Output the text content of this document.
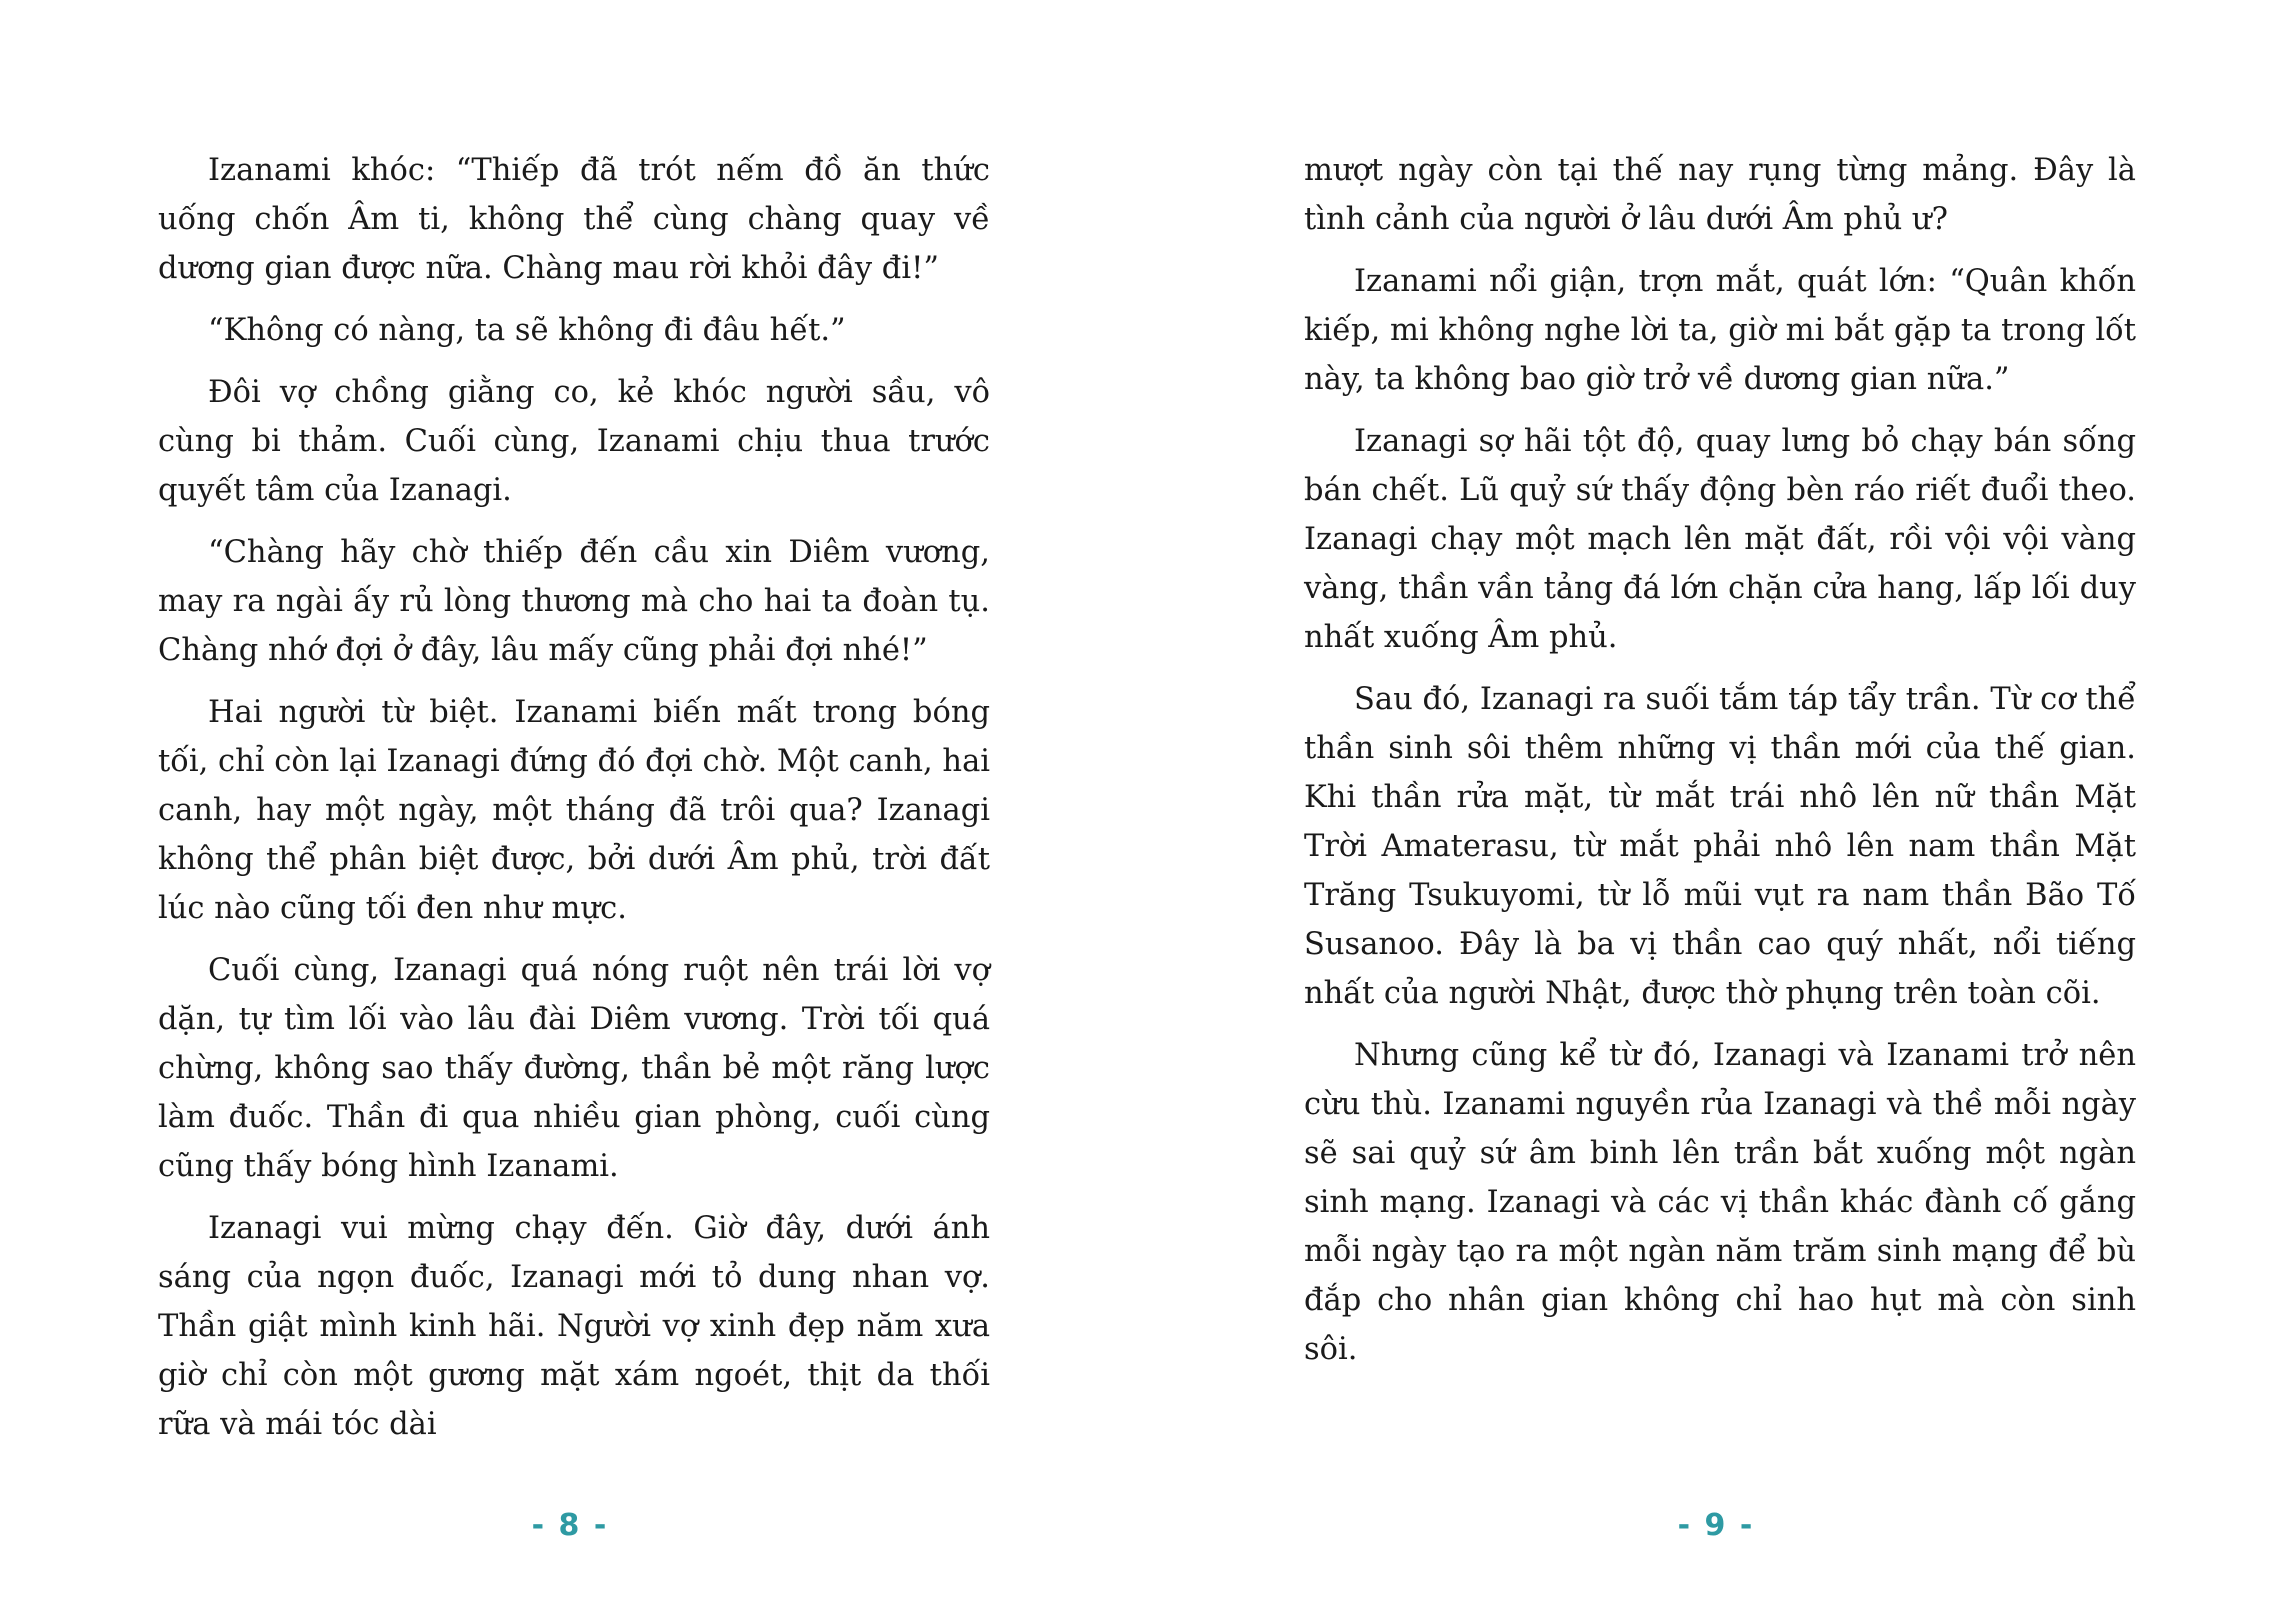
Izanami khóc: “Thiếp đã trót nếm đồ ăn thức uống chốn Âm ti, không thể cùng chàng quay về dương gian được nữa. Chàng mau rời khỏi đây đi!”

“Không có nàng, ta sẽ không đi đâu hết.”

Đôi vợ chồng giằng co, kẻ khóc người sầu, vô cùng bi thảm. Cuối cùng, Izanami chịu thua trước quyết tâm của Izanagi.

“Chàng hãy chờ thiếp đến cầu xin Diêm vương, may ra ngài ấy rủ lòng thương mà cho hai ta đoàn tụ. Chàng nhớ đợi ở đây, lâu mấy cũng phải đợi nhé!”

Hai người từ biệt. Izanami biến mất trong bóng tối, chỉ còn lại Izanagi đứng đó đợi chờ. Một canh, hai canh, hay một ngày, một tháng đã trôi qua? Izanagi không thể phân biệt được, bởi dưới Âm phủ, trời đất lúc nào cũng tối đen như mực.

Cuối cùng, Izanagi quá nóng ruột nên trái lời vợ dặn, tự tìm lối vào lâu đài Diêm vương. Trời tối quá chừng, không sao thấy đường, thần bẻ một răng lược làm đuốc. Thần đi qua nhiều gian phòng, cuối cùng cũng thấy bóng hình Izanami.

Izanagi vui mừng chạy đến. Giờ đây, dưới ánh sáng của ngọn đuốc, Izanagi mới tỏ dung nhan vợ. Thần giật mình kinh hãi. Người vợ xinh đẹp năm xưa giờ chỉ còn một gương mặt xám ngoét, thịt da thối rữa và mái tóc dài

- 8 -

mượt ngày còn tại thế nay rụng từng mảng. Đây là tình cảnh của người ở lâu dưới Âm phủ ư?

Izanami nổi giận, trợn mắt, quát lớn: “Quân khốn kiếp, mi không nghe lời ta, giờ mi bắt gặp ta trong lốt này, ta không bao giờ trở về dương gian nữa.”

Izanagi sợ hãi tột độ, quay lưng bỏ chạy bán sống bán chết. Lũ quỷ sứ thấy động bèn ráo riết đuổi theo. Izanagi chạy một mạch lên mặt đất, rồi vội vội vàng vàng, thần vần tảng đá lớn chặn cửa hang, lấp lối duy nhất xuống Âm phủ.

Sau đó, Izanagi ra suối tắm táp tẩy trần. Từ cơ thể thần sinh sôi thêm những vị thần mới của thế gian. Khi thần rửa mặt, từ mắt trái nhô lên nữ thần Mặt Trời Amaterasu, từ mắt phải nhô lên nam thần Mặt Trăng Tsukuyomi, từ lỗ mũi vụt ra nam thần Bão Tố Susanoo. Đây là ba vị thần cao quý nhất, nổi tiếng nhất của người Nhật, được thờ phụng trên toàn cõi.

Nhưng cũng kể từ đó, Izanagi và Izanami trở nên cừu thù. Izanami nguyền rủa Izanagi và thề mỗi ngày sẽ sai quỷ sứ âm binh lên trần bắt xuống một ngàn sinh mạng. Izanagi và các vị thần khác đành cố gắng mỗi ngày tạo ra một ngàn năm trăm sinh mạng để bù đắp cho nhân gian không chỉ hao hụt mà còn sinh sôi.

- 9 -
